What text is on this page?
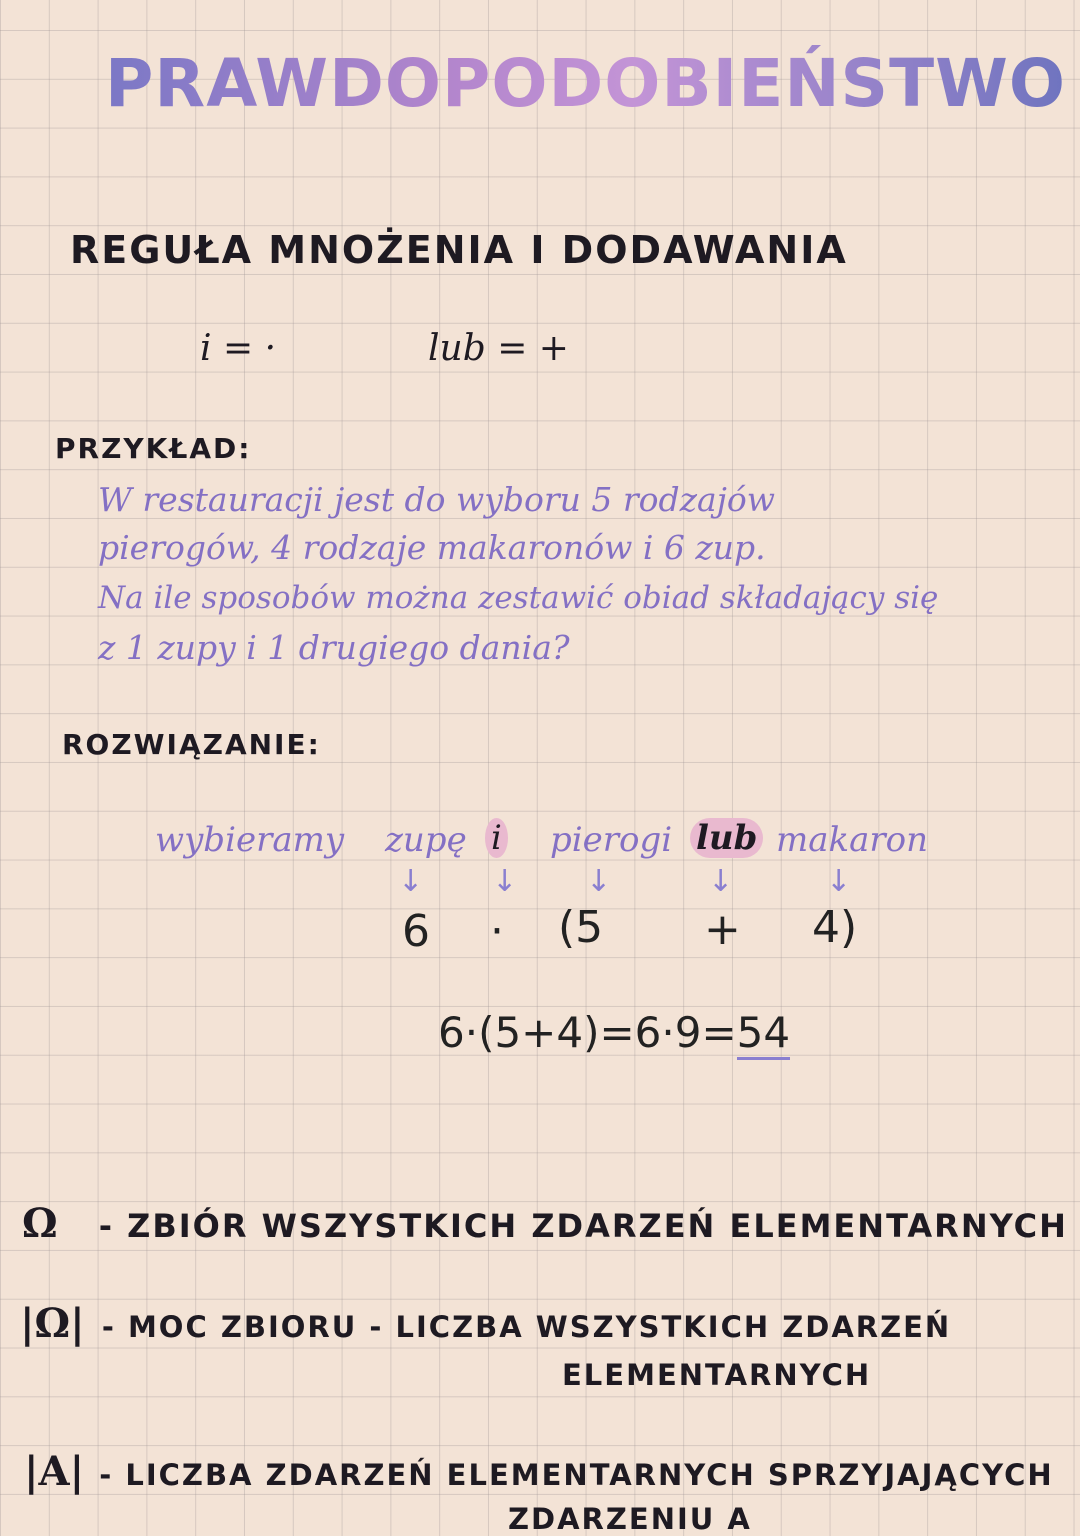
PRAWDOPODOBIEŃSTWO
REGUŁA MNOŻENIA I DODAWANIA
i = ·	lub = +
PRZYKŁAD:
W restauracji jest do wyboru 5 rodzajów
pierogów, 4 rodzaje makaronów i 6 zup.
Na ile sposobów można zestawić obiad składający się
z 1 zupy i 1 drugiego dania?
ROZWIĄZANIE:
wybieramy zupę i pierogi lub makaron
↓ ↓ ↓	↓	↓
6 · (5 + 4)
6·(5+4)=6·9=54
Ω - ZBIÓR WSZYSTKICH ZDARZEŃ ELEMENTARNYCH
|Ω| - MOC ZBIORU - LICZBA WSZYSTKICH ZDARZEŃ
ELEMENTARNYCH
|A| - LICZBA ZDARZEŃ ELEMENTARNYCH SPRZYJAJĄCYCH
ZDARZENIU A
